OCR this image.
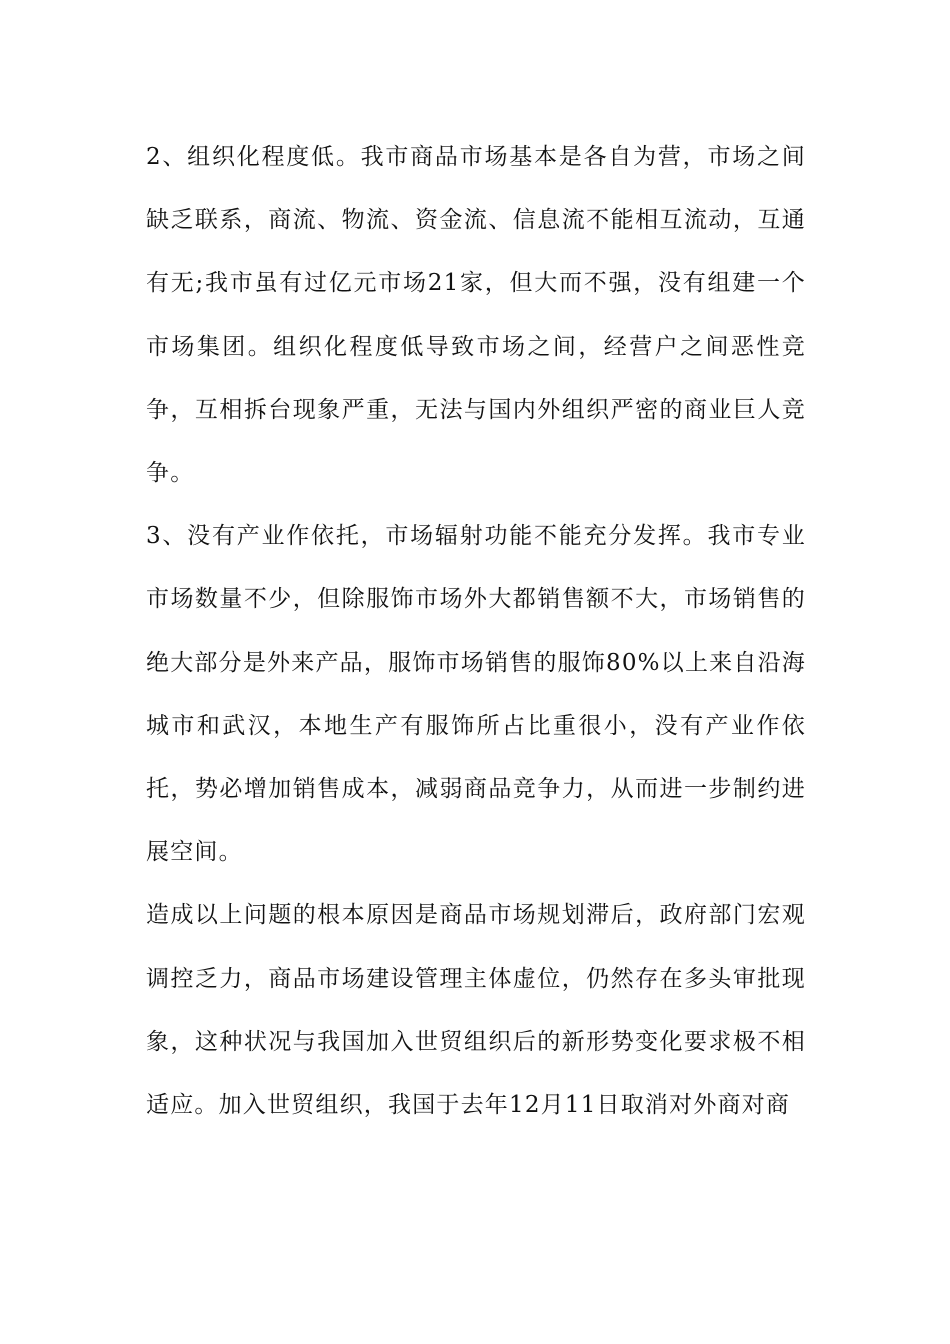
2、组织化程度低。我市商品市场基本是各自为营，市场之间缺乏联系，商流、物流、资金流、信息流不能相互流动，互通有无;我市虽有过亿元市场21家，但大而不强，没有组建一个市场集团。组织化程度低导致市场之间，经营户之间恶性竞争，互相拆台现象严重，无法与国内外组织严密的商业巨人竞争。

3、没有产业作依托，市场辐射功能不能充分发挥。我市专业市场数量不少，但除服饰市场外大都销售额不大，市场销售的绝大部分是外来产品，服饰市场销售的服饰80%以上来自沿海城市和武汉，本地生产有服饰所占比重很小，没有产业作依托，势必增加销售成本，减弱商品竞争力，从而进一步制约进展空间。

造成以上问题的根本原因是商品市场规划滞后，政府部门宏观调控乏力，商品市场建设管理主体虚位，仍然存在多头审批现象，这种状况与我国加入世贸组织后的新形势变化要求极不相适应。加入世贸组织，我国于去年12月11日取消对外商对商
